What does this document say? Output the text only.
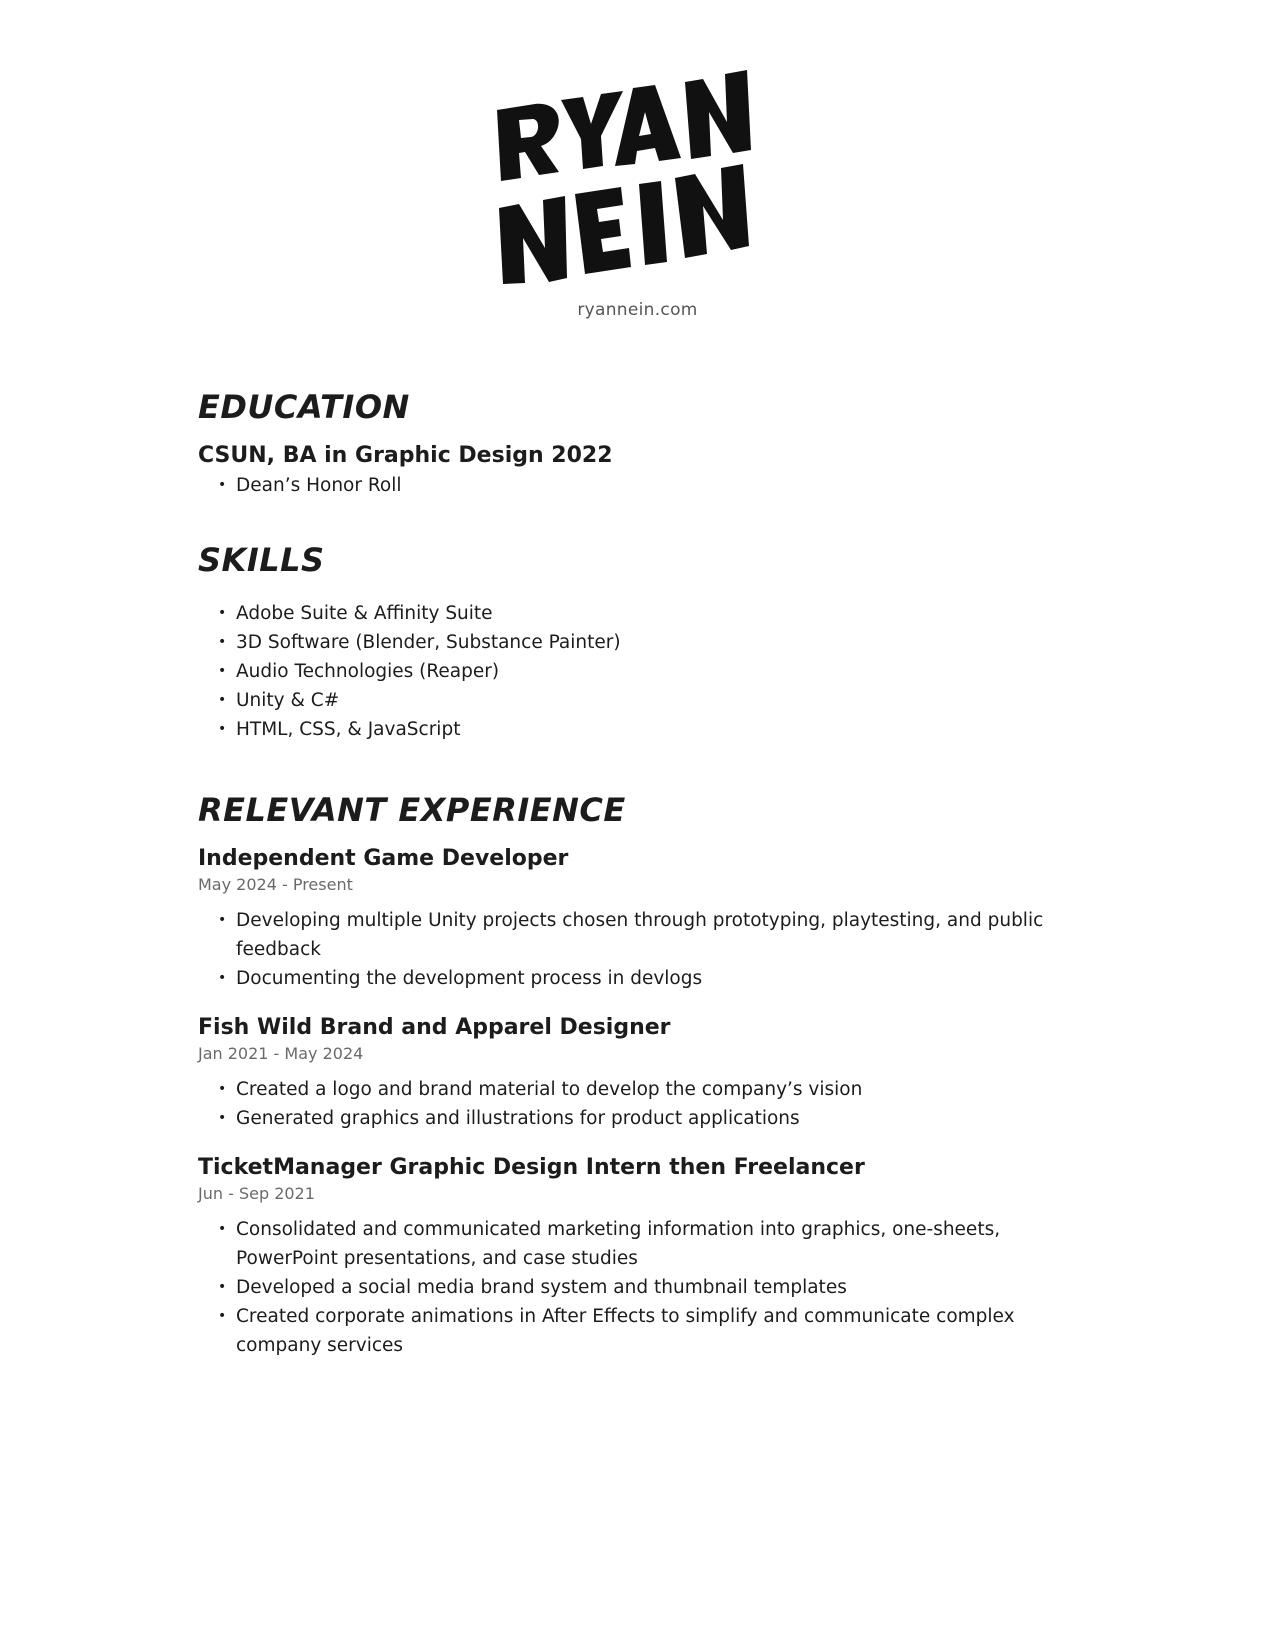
ryannein.com
EDUCATION
CSUN, BA in Graphic Design 2022
• Dean’s Honor Roll
SKILLS
• Adobe Suite & Affinity Suite
• 3D Software (Blender, Substance Painter)
• Audio Technologies (Reaper)
• Unity & C#
• HTML, CSS, & JavaScript
RELEVANT EXPERIENCE
Independent Game Developer

May 2024 - Present

• Developing multiple Unity projects chosen through prototyping, playtesting, and public feedback
• Documenting the development process in devlogs
Fish Wild Brand and Apparel Designer

Jan 2021 - May 2024

• Created a logo and brand material to develop the company’s vision
• Generated graphics and illustrations for product applications
TicketManager Graphic Design Intern then Freelancer

Jun - Sep 2021

• Consolidated and communicated marketing information into graphics, one-sheets, PowerPoint presentations, and case studies
• Developed a social media brand system and thumbnail templates
• Created corporate animations in After Effects to simplify and communicate complex company services
